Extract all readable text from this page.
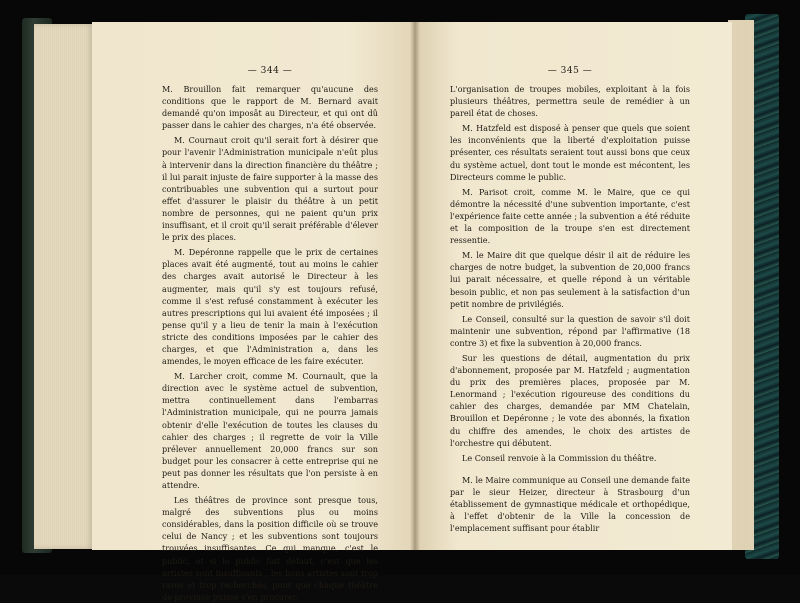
— 344 —

M. Brouillon fait remarquer qu'aucune des conditions que le rapport de M. Bernard avait demandé qu'on imposât au Directeur, et qui ont dû passer dans le cahier des charges, n'a été observée.

M. Cournaut croit qu'il serait fort à désirer que pour l'avenir l'Administration municipale n'eût plus à intervenir dans la direction financière du théâtre ; il lui parait injuste de faire supporter à la masse des contribuables une subvention qui a surtout pour effet d'assurer le plaisir du théâtre à un petit nombre de personnes, qui ne paient qu'un prix insuffisant, et il croit qu'il serait préférable d'élever le prix des places.

M. Depéronne rappelle que le prix de certaines places avait été augmenté, tout au moins le cahier des charges avait autorisé le Directeur à les augmenter, mais qu'il s'y est toujours refusé, comme il s'est refusé constamment à exécuter les autres prescriptions qui lui avaient été imposées ; il pense qu'il y a lieu de tenir la main à l'exécution stricte des conditions imposées par le cahier des charges, et que l'Administration a, dans les amendes, le moyen efficace de les faire exécuter.

M. Larcher croit, comme M. Cournault, que la direction avec le système actuel de subvention, mettra continuellement dans l'embarras l'Administration municipale, qui ne pourra jamais obtenir d'elle l'exécution de toutes les clauses du cahier des charges ; il regrette de voir la Ville prélever annuellement 20,000 francs sur son budget pour les consacrer à cette entreprise qui ne peut pas donner les résultats que l'on persiste à en attendre.

Les théâtres de province sont presque tous, malgré des subventions plus ou moins considérables, dans la position difficile où se trouve celui de Nancy ; et les subventions sont toujours trouvées insuffisantes. Ce qui manque, c'est le public, et si le public fait défaut, c'est que les artistes sont insuffisants ; les bons artistes sont trop rares et trop recherchés, pour que chaque théâtre de province puisse s'en procurer.

— 345 —

L'organisation de troupes mobiles, exploitant à la fois plusieurs théâtres, permettra seule de remédier à un pareil état de choses.

M. Hatzfeld est disposé à penser que quels que soient les inconvénients que la liberté d'exploitation puisse présenter, ces résultats seraient tout aussi bons que ceux du système actuel, dont tout le monde est mécontent, les Directeurs comme le public.

M. Parisot croit, comme M. le Maire, que ce qui démontre la nécessité d'une subvention importante, c'est l'expérience faite cette année ; la subvention a été réduite et la composition de la troupe s'en est directement ressentie.

M. le Maire dit que quelque désir il ait de réduire les charges de notre budget, la subvention de 20,000 francs lui parait nécessaire, et quelle répond à un véritable besoin public, et non pas seulement à la satisfaction d'un petit nombre de privilégiés.

Le Conseil, consulté sur la question de savoir s'il doit maintenir une subvention, répond par l'affirmative (18 contre 3) et fixe la subvention à 20,000 francs.

Sur les questions de détail, augmentation du prix d'abonnement, proposée par M. Hatzfeld ; augmentation du prix des premières places, proposée par M. Lenormand ; l'exécution rigoureuse des conditions du cahier des charges, demandée par MM Chatelain, Brouillon et Depéronne ; le vote des abonnés, la fixation du chiffre des amendes, le choix des artistes de l'orchestre qui débutent.

Le Conseil renvoie à la Commission du théâtre.

M. le Maire communique au Conseil une demande faite par le sieur Heizer, directeur à Strasbourg d'un établissement de gymnastique médicale et orthopédique, à l'effet d'obtenir de la Ville la concession de l'emplacement suffisant pour établir
